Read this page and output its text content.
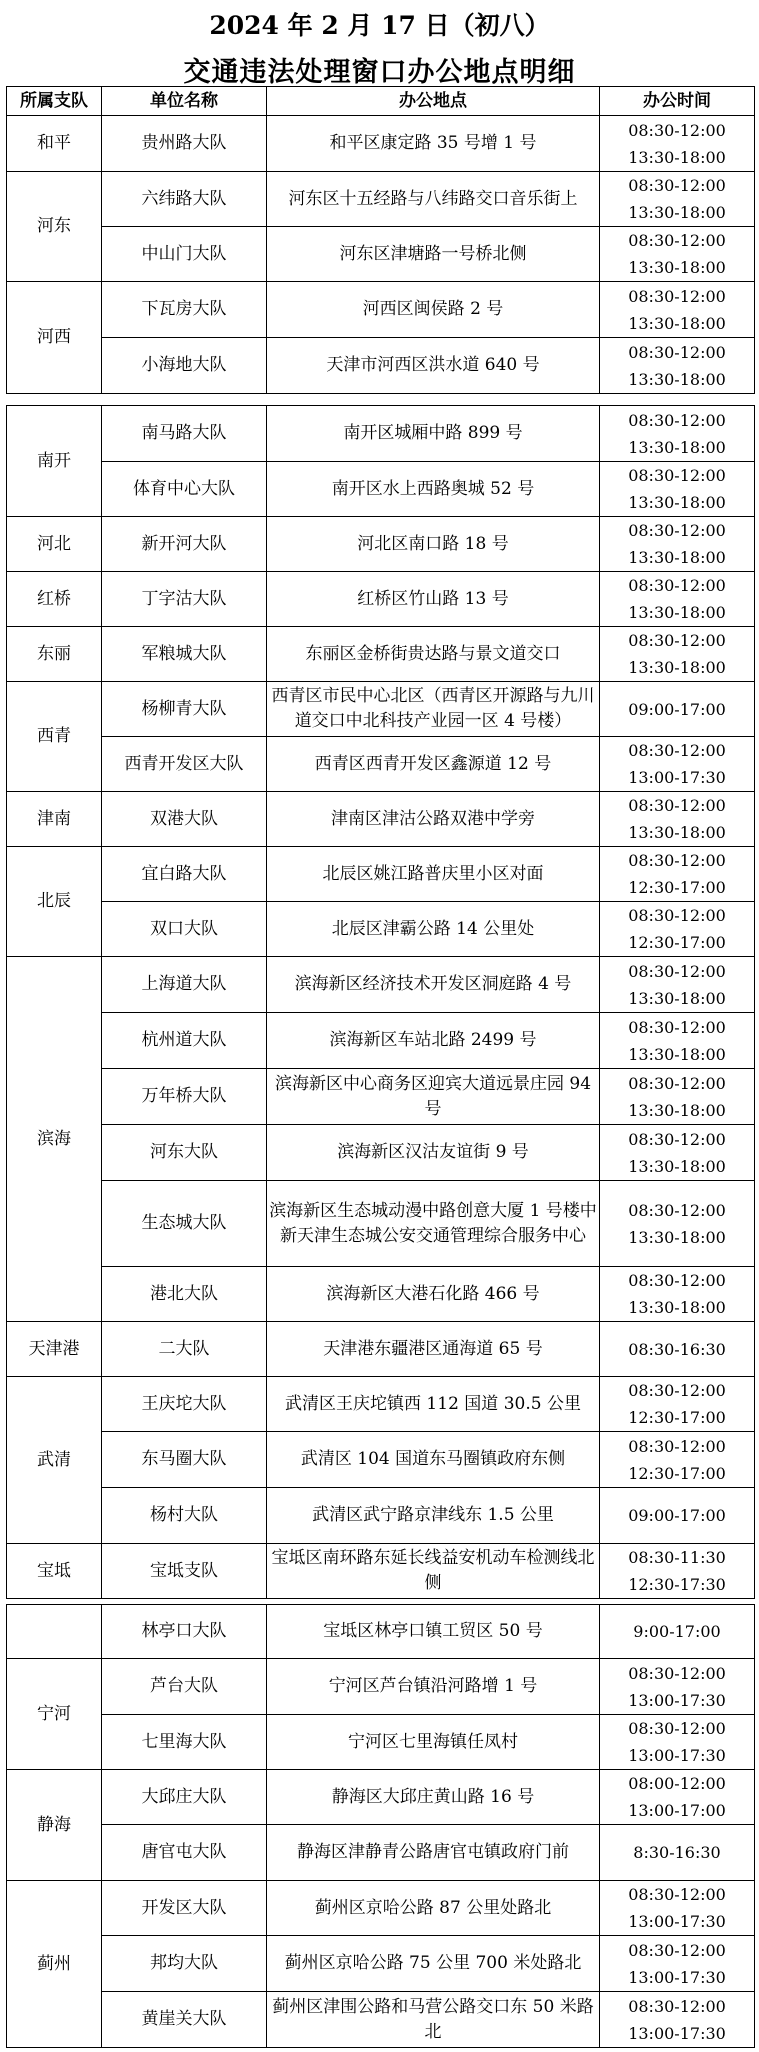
2024 年 2 月 17 日（初八）
交通违法处理窗口办公地点明细
所属支队	单位名称	办公地点	办公时间
和平	贵州路大队	和平区康定路 35 号增 1 号	08:30-12:00
13:30-18:00

河东	六纬路大队	河东区十五经路与八纬路交口音乐街上	08:30-12:00
13:30-18:00

	中山门大队	河东区津塘路一号桥北侧	08:30-12:00
13:30-18:00

河西	下瓦房大队	河西区闽侯路 2 号	08:30-12:00
13:30-18:00

	小海地大队	天津市河西区洪水道 640 号	08:30-12:00
13:30-18:00
南开	南马路大队	南开区城厢中路 899 号	08:30-12:00
13:30-18:00

	体育中心大队	南开区水上西路奥城 52 号	08:30-12:00
13:30-18:00

河北	新开河大队	河北区南口路 18 号	08:30-12:00
13:30-18:00

红桥	丁字沽大队	红桥区竹山路 13 号	08:30-12:00
13:30-18:00

东丽	军粮城大队	东丽区金桥街贵达路与景文道交口	08:30-12:00
13:30-18:00

西青	杨柳青大队	西青区市民中心北区（西青区开源路与九川道交口中北科技产业园一区 4 号楼）	09:00-17:00

	西青开发区大队	西青区西青开发区鑫源道 12 号	08:30-12:00
13:00-17:30

津南	双港大队	津南区津沽公路双港中学旁	08:30-12:00
13:30-18:00

北辰	宜白路大队	北辰区姚江路普庆里小区对面	08:30-12:00
12:30-17:00

	双口大队	北辰区津霸公路 14 公里处	08:30-12:00
12:30-17:00

滨海	上海道大队	滨海新区经济技术开发区洞庭路 4 号	08:30-12:00
13:30-18:00

	杭州道大队	滨海新区车站北路 2499 号	08:30-12:00
13:30-18:00

	万年桥大队	滨海新区中心商务区迎宾大道远景庄园 94 号	08:30-12:00
13:30-18:00

	河东大队	滨海新区汉沽友谊街 9 号	08:30-12:00
13:30-18:00

	生态城大队	滨海新区生态城动漫中路创意大厦 1 号楼中新天津生态城公安交通管理综合服务中心	08:30-12:00
13:30-18:00

	港北大队	滨海新区大港石化路 466 号	08:30-12:00
13:30-18:00

天津港	二大队	天津港东疆港区通海道 65 号	08:30-16:30

武清	王庆坨大队	武清区王庆坨镇西 112 国道 30.5 公里	08:30-12:00
12:30-17:00

	东马圈大队	武清区 104 国道东马圈镇政府东侧	08:30-12:00
12:30-17:00

	杨村大队	武清区武宁路京津线东 1.5 公里	09:00-17:00

宝坻	宝坻支队	宝坻区南环路东延长线益安机动车检测线北侧	08:30-11:30
12:30-17:30
	林亭口大队	宝坻区林亭口镇工贸区 50 号	9:00-17:00

宁河	芦台大队	宁河区芦台镇沿河路增 1 号	08:30-12:00
13:00-17:30

	七里海大队	宁河区七里海镇任凤村	08:30-12:00
13:00-17:30

静海	大邱庄大队	静海区大邱庄黄山路 16 号	08:00-12:00
13:00-17:00

	唐官屯大队	静海区津静青公路唐官屯镇政府门前	8:30-16:30

蓟州	开发区大队	蓟州区京哈公路 87 公里处路北	08:30-12:00
13:00-17:30

	邦均大队	蓟州区京哈公路 75 公里 700 米处路北	08:30-12:00
13:00-17:30

	黄崖关大队	蓟州区津围公路和马营公路交口东 50 米路北	08:30-12:00
13:00-17:30
